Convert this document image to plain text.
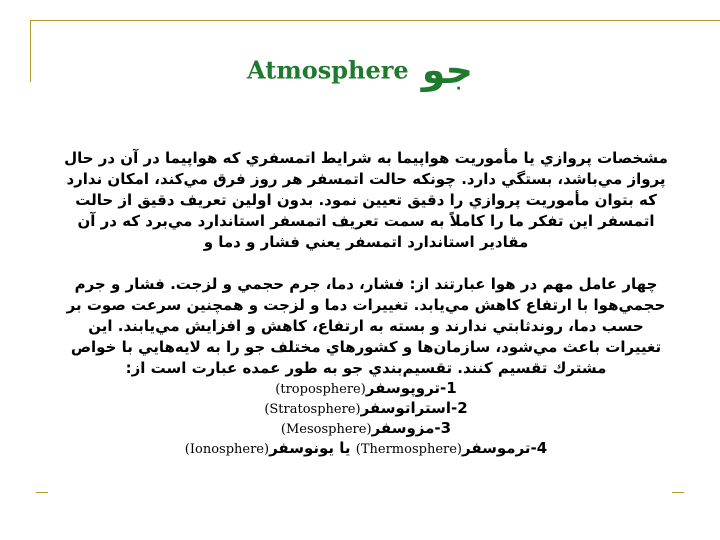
Atmosphere جو

مشخصات پروازي يا مأموريت هواپيما به شرايط اتمسفري كه هواپيما در آن در حال پرواز مي‌باشد، بستگي دارد. چونكه حالت اتمسفر هر روز فرق مي‌كند، امكان ندارد كه بتوان مأموريت پروازي را دقيق تعيين نمود. بدون اولين تعريف دقيق از حالت اتمسفر اين تفكر ما را كاملاً به سمت تعريف اتمسفر استاندارد مي‌برد كه در آن مقادير استاندارد اتمسفر يعني فشار و دما و

چهار عامل مهم در هوا عبارتند از: فشار، دما، جرم حجمي و لزجت. فشار و جرم حجمي‌هوا با ارتفاع كاهش مي‌يابد. تغييرات دما و لزجت و همچنين سرعت صوت بر حسب دما، روندثابتي ندارند و بسته به ارتفاع، كاهش و افزايش مي‌يابند. اين تغييرات باعث مي‌شود، سازمان‌ها و كشورهاي مختلف جو را به لايه‌هايي با خواص مشترك تقسيم كنند. تقسيم‌بندي جو به طور عمده عبارت است از:

1-تروپوسفر(troposphere)
2-استراتوسفر(Stratosphere)
3-مزوسفر(Mesosphere)
4-ترموسفر(Thermosphere) يا يونوسفر(Ionosphere)
